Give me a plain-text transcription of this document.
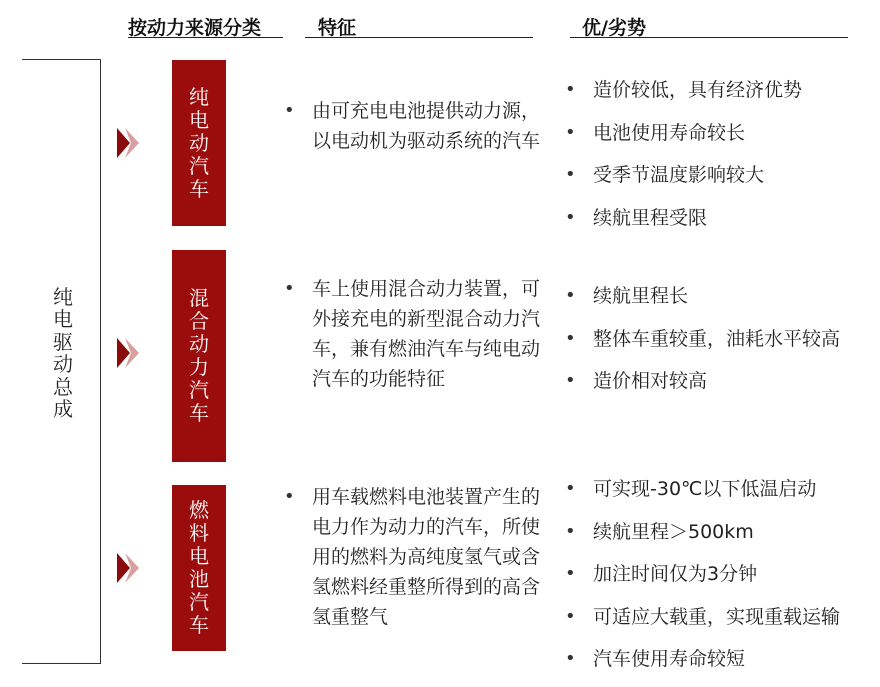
按动力来源分类	特征	优/劣势
纯
电
驱
动
总
成
纯
电
动
汽
车
• 由可充电电池提供动力源，以电动机为驱动系统的汽车
• 造价较低，具有经济优势
• 电池使用寿命较长
• 受季节温度影响较大
• 续航里程受限
混
合
动
力
汽
车
• 车上使用混合动力装置，可外接充电的新型混合动力汽车，兼有燃油汽车与纯电动汽车的功能特征
• 续航里程长
• 整体车重较重，油耗水平较高
• 造价相对较高
燃
料
电
池
汽
车
• 用车载燃料电池装置产生的电力作为动力的汽车，所使用的燃料为高纯度氢气或含氢燃料经重整所得到的高含氢重整气
• 可实现-30℃以下低温启动
• 续航里程＞500km
• 加注时间仅为3分钟
• 可适应大载重，实现重载运输
• 汽车使用寿命较短
